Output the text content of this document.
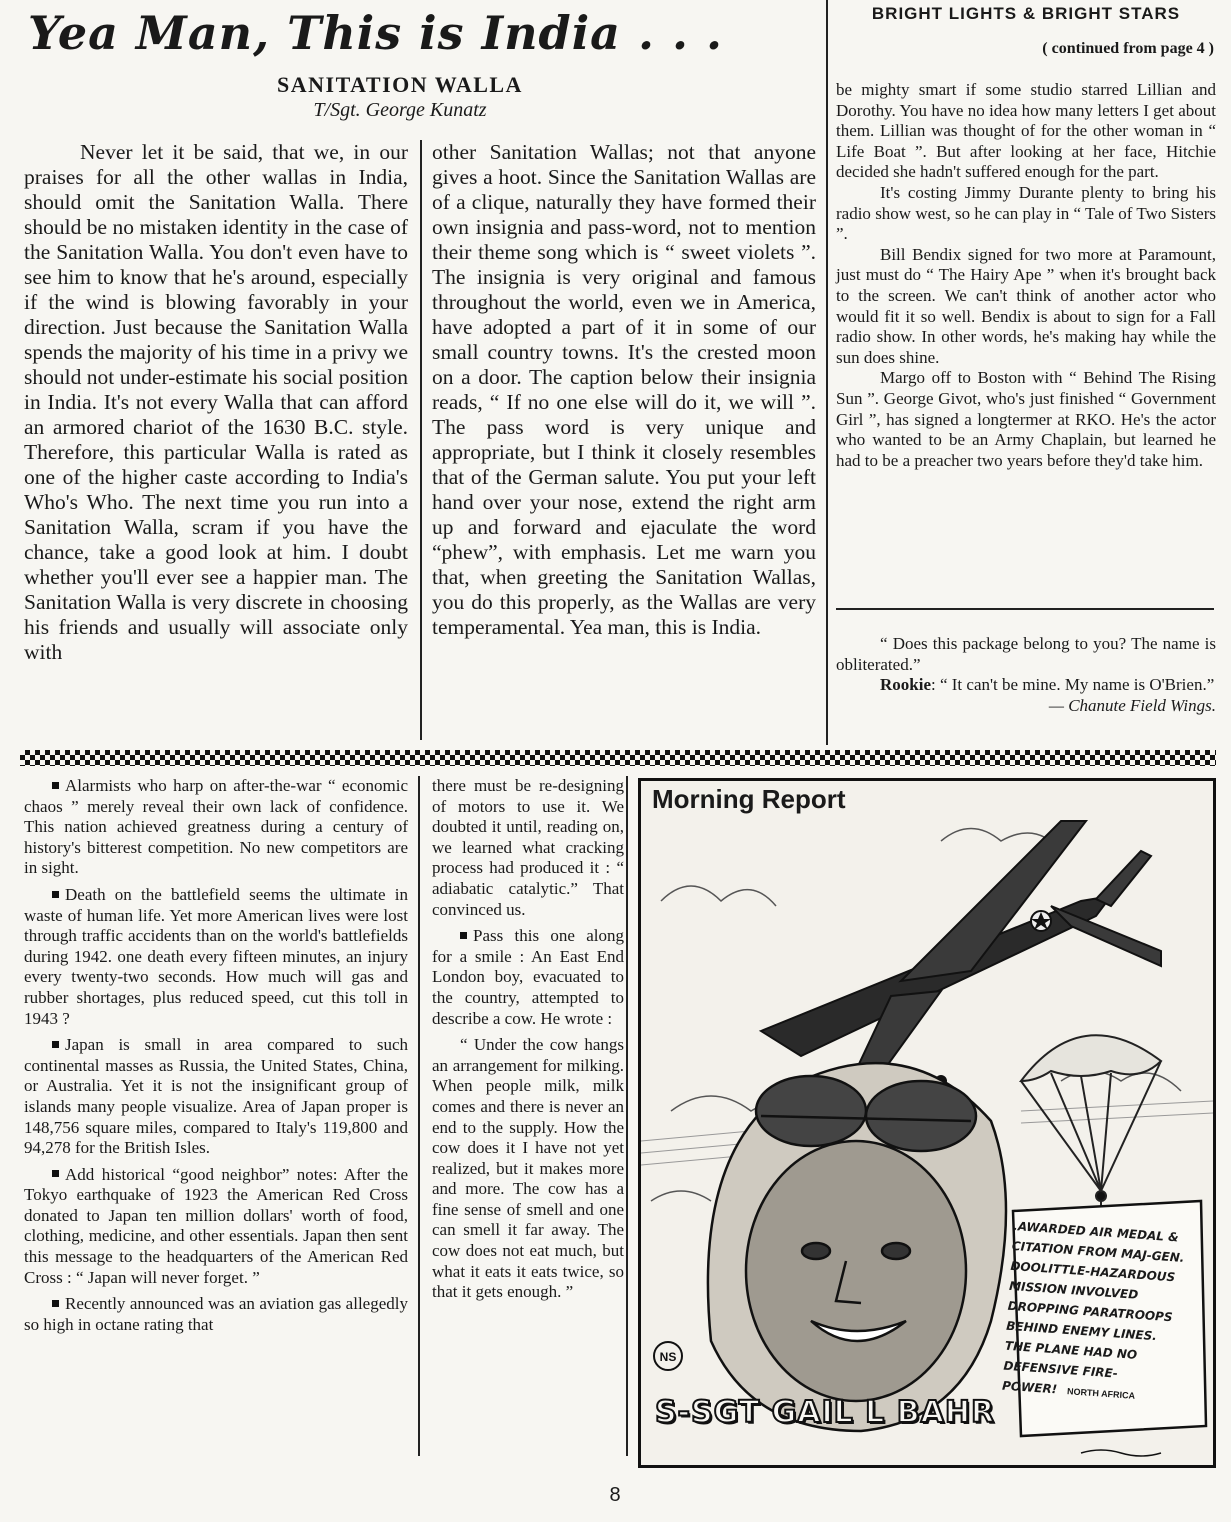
Yea Man, This is India . . .
SANITATION WALLA
T/Sgt. George Kunatz

Never let it be said, that we, in our praises for all the other wallas in India, should omit the Sanitation Walla. There should be no mistaken identity in the case of the Sanitation Walla. You don't even have to see him to know that he's around, especially if the wind is blowing favorably in your direction. Just because the Sanitation Walla spends the majority of his time in a privy we should not under-estimate his social position in India. It's not every Walla that can afford an armored chariot of the 1630 B.C. style. Therefore, this particular Walla is rated as one of the higher caste according to India's Who's Who. The next time you run into a Sanitation Walla, scram if you have the chance, take a good look at him. I doubt whether you'll ever see a happier man. The Sanitation Walla is very discrete in choosing his friends and usually will associate only with

other Sanitation Wallas; not that anyone gives a hoot. Since the Sanitation Wallas are of a clique, naturally they have formed their own insignia and pass-word, not to mention their theme song which is “ sweet violets ”. The insignia is very original and famous throughout the world, even we in America, have adopted a part of it in some of our small country towns. It's the crested moon on a door. The caption below their insignia reads, “ If no one else will do it, we will ”. The pass word is very unique and appropriate, but I think it closely resembles that of the German salute. You put your left hand over your nose, extend the right arm up and forward and ejaculate the word “phew”, with emphasis. Let me warn you that, when greeting the Sanitation Wallas, you do this properly, as the Wallas are very temperamental. Yea man, this is India.

BRIGHT LIGHTS & BRIGHT STARS
( continued from page 4 )

be mighty smart if some studio starred Lillian and Dorothy. You have no idea how many letters I get about them. Lillian was thought of for the other woman in “ Life Boat ”. But after looking at her face, Hitchie decided she hadn't suffered enough for the part.

It's costing Jimmy Durante plenty to bring his radio show west, so he can play in “ Tale of Two Sisters ”.

Bill Bendix signed for two more at Paramount, just must do “ The Hairy Ape ” when it's brought back to the screen. We can't think of another actor who would fit it so well. Bendix is about to sign for a Fall radio show. In other words, he's making hay while the sun does shine.

Margo off to Boston with “ Behind The Rising Sun ”. George Givot, who's just finished “ Government Girl ”, has signed a longtermer at RKO. He's the actor who wanted to be an Army Chaplain, but learned he had to be a preacher two years before they'd take him.

“ Does this package belong to you? The name is obliterated.”

Rookie: “ It can't be mine. My name is O'Brien.”

— Chanute Field Wings.

Alarmists who harp on after-the-war “ economic chaos ” merely reveal their own lack of confidence. This nation achieved greatness during a century of history's bitterest competition. No new competitors are in sight.

Death on the battlefield seems the ultimate in waste of human life. Yet more American lives were lost through traffic accidents than on the world's battlefields during 1942. one death every fifteen minutes, an injury every twenty-two seconds. How much will gas and rubber shortages, plus reduced speed, cut this toll in 1943 ?

Japan is small in area compared to such continental masses as Russia, the United States, China, or Australia. Yet it is not the insignificant group of islands many people visualize. Area of Japan proper is 148,756 square miles, compared to Italy's 119,800 and 94,278 for the British Isles.

Add historical “good neighbor” notes: After the Tokyo earthquake of 1923 the American Red Cross donated to Japan ten million dollars' worth of food, clothing, medicine, and other essentials. Japan then sent this message to the headquarters of the American Red Cross : “ Japan will never forget. ”

Recently announced was an aviation gas allegedly so high in octane rating that

there must be re-designing of motors to use it. We doubted it until, reading on, we learned what cracking process had produced it : “ adiabatic catalytic.” That convinced us.

Pass this one along for a smile : An East End London boy, evacuated to the country, attempted to describe a cow. He wrote :

“ Under the cow hangs an arrangement for milking. When people milk, milk comes and there is never an end to the supply. How the cow does it I have not yet realized, but it makes more and more. The cow has a fine sense of smell and one can smell it far away. The cow does not eat much, but what it eats it eats twice, so that it gets enough. ”

NS
Morning Report
.AWARDED AIR MEDAL &
CITATION FROM MAJ-GEN.
DOOLITTLE-HAZARDOUS
MISSION INVOLVED
DROPPING PARATROOPS
BEHIND ENEMY LINES.
THE PLANE HAD NO
DEFENSIVE FIRE-
POWER! NORTH AFRICA
S-SGT GAIL L BAHR
8
